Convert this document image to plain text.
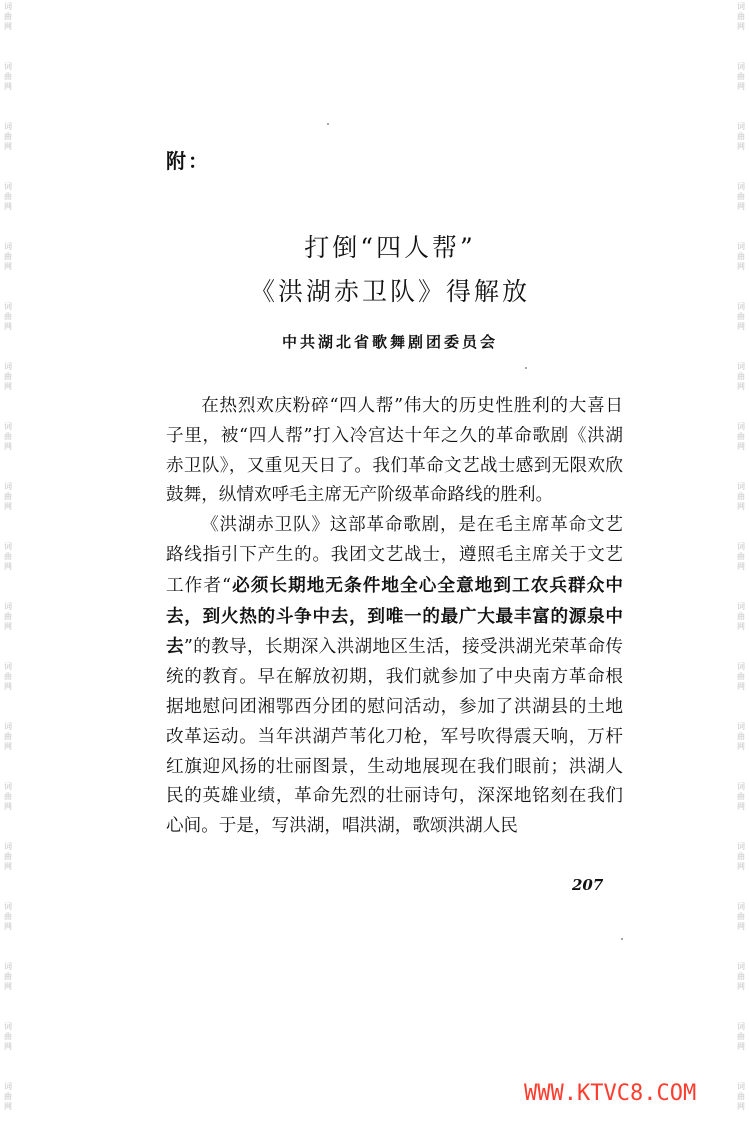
词
曲
网
词
曲
网
词
曲
网
词
曲
网
词
曲
网
词
曲
网
词
曲
网
词
曲
网
词
曲
网
词
曲
网
词
曲
网
词
曲
网
词
曲
网
词
曲
网
词
曲
网
词
曲
网
词
曲
网
词
曲
网
词
曲
网
词
曲
网
词
曲
网
词
曲
网
词
曲
网
词
曲
网
词
曲
网
词
曲
网
词
曲
网
词
曲
网
词
曲
网
词
曲
网
词
曲
网
词
曲
网
词
曲
网
词
曲
网
词
曲
网
词
曲
网
词
曲
网
词
曲
网
附：
打倒“四人帮”
《洪湖赤卫队》得解放
中共湖北省歌舞剧团委员会

在热烈欢庆粉碎“四人帮”伟大的历史性胜利的大喜日子里，被“四人帮”打入冷宫达十年之久的革命歌剧《洪湖赤卫队》，又重见天日了。我们革命文艺战士感到无限欢欣鼓舞，纵情欢呼毛主席无产阶级革命路线的胜利。

《洪湖赤卫队》这部革命歌剧，是在毛主席革命文艺路线指引下产生的。我团文艺战士，遵照毛主席关于文艺工作者“必须长期地无条件地全心全意地到工农兵群众中去，到火热的斗争中去，到唯一的最广大最丰富的源泉中去”的教导，长期深入洪湖地区生活，接受洪湖光荣革命传统的教育。早在解放初期，我们就参加了中央南方革命根据地慰问团湘鄂西分团的慰问活动，参加了洪湖县的土地改革运动。当年洪湖芦苇化刀枪，军号吹得震天响，万杆红旗迎风扬的壮丽图景，生动地展现在我们眼前；洪湖人民的英雄业绩，革命先烈的壮丽诗句，深深地铭刻在我们心间。于是，写洪湖，唱洪湖，歌颂洪湖人民

207
WWW.KTVC8.COM
